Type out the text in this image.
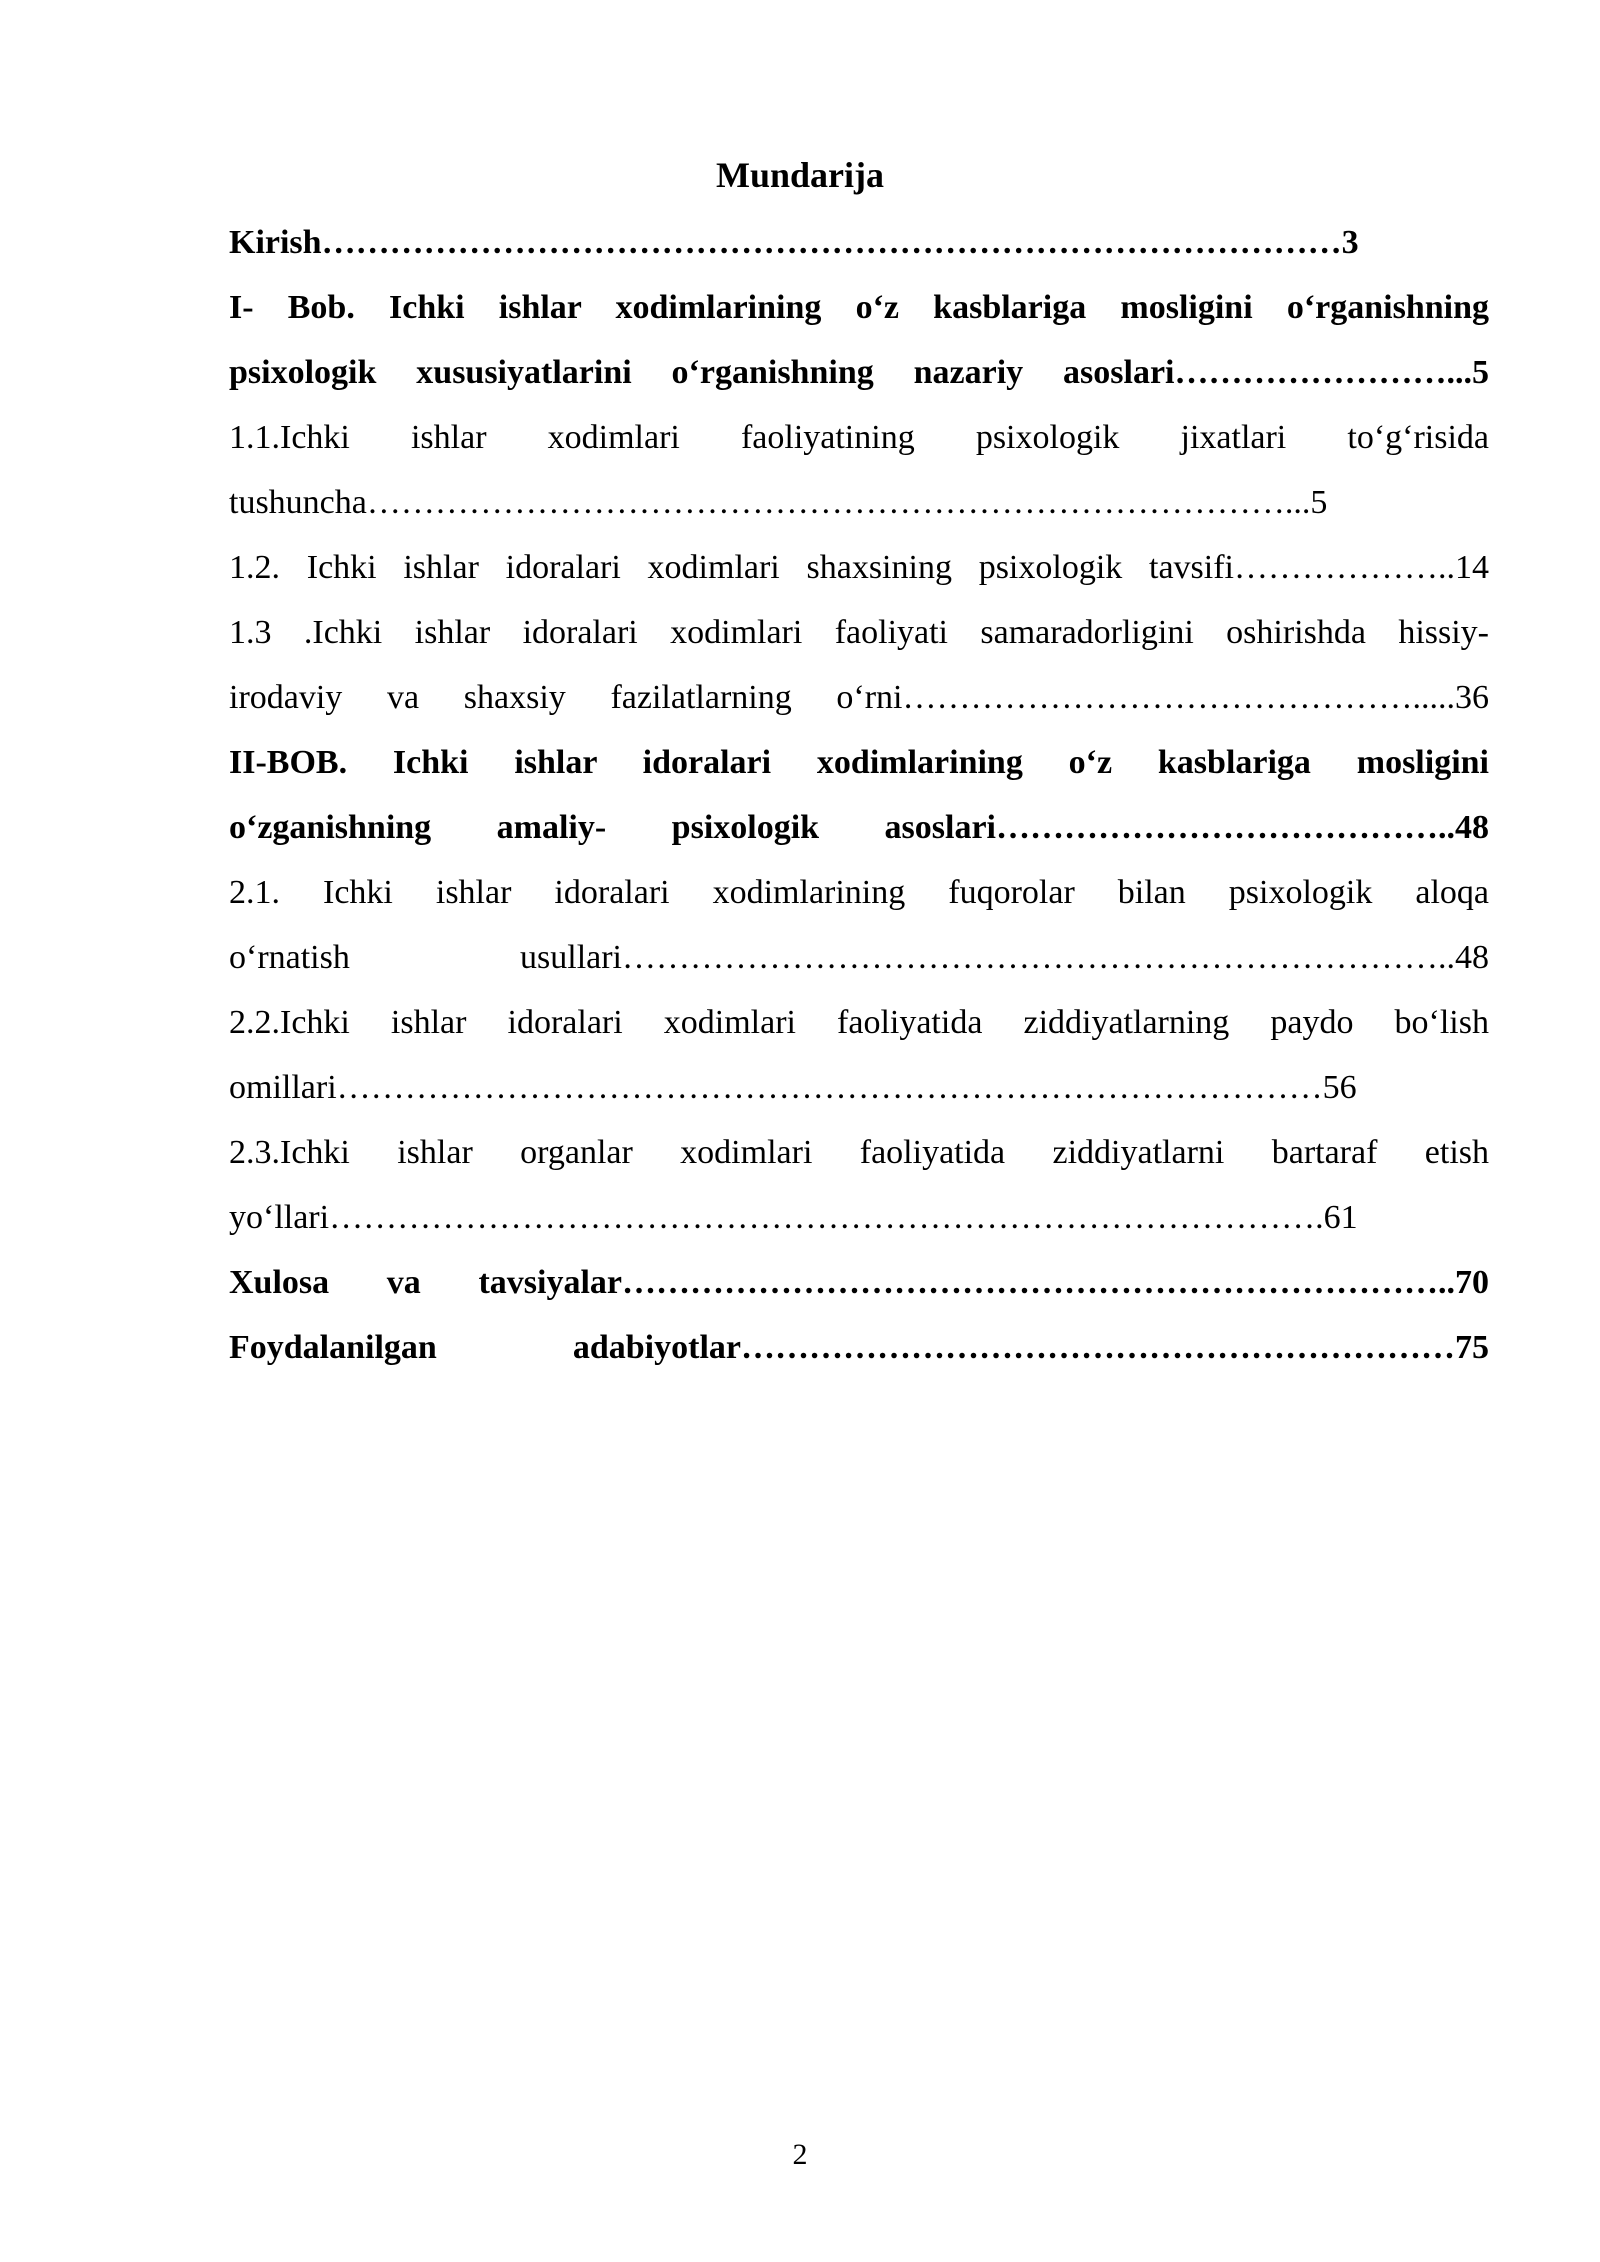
Mundarija

Kirish………………………………………………………………………………3

I- Bob. Ichki ishlar xodimlarining o‘z kasblariga mosligini o‘rganishning

psixologik xususiyatlarini o‘rganishning nazariy asoslari……………………...5

1.1.Ichki ishlar xodimlari faoliyatining psixologik jixatlari to‘g‘risida

tushuncha………………………………………………………………………...5

1.2. Ichki ishlar idoralari xodimlari shaxsining psixologik tavsifi………………..14

1.3 .Ichki ishlar idoralari xodimlari faoliyati samaradorligini oshirishda hissiy-

irodaviy va shaxsiy fazilatlarning o‘rni……………………………………….....36

II-BOB. Ichki ishlar idoralari xodimlarining o‘z kasblariga mosligini

o‘zganishning amaliy- psixologik asoslari…………………………………..48

2.1. Ichki ishlar idoralari xodimlarining fuqorolar bilan psixologik aloqa

o‘rnatish usullari………………………………………………………………..48

2.2.Ichki ishlar idoralari xodimlari faoliyatida ziddiyatlarning paydo bo‘lish

omillari……………………………………………………………………………56

2.3.Ichki ishlar organlar xodimlari faoliyatida ziddiyatlarni bartaraf etish

yo‘llari…………………………………………………………………………….61

Xulosa va tavsiyalar………………………………………………………………..70

Foydalanilgan adabiyotlar………………………………………………………75

2
